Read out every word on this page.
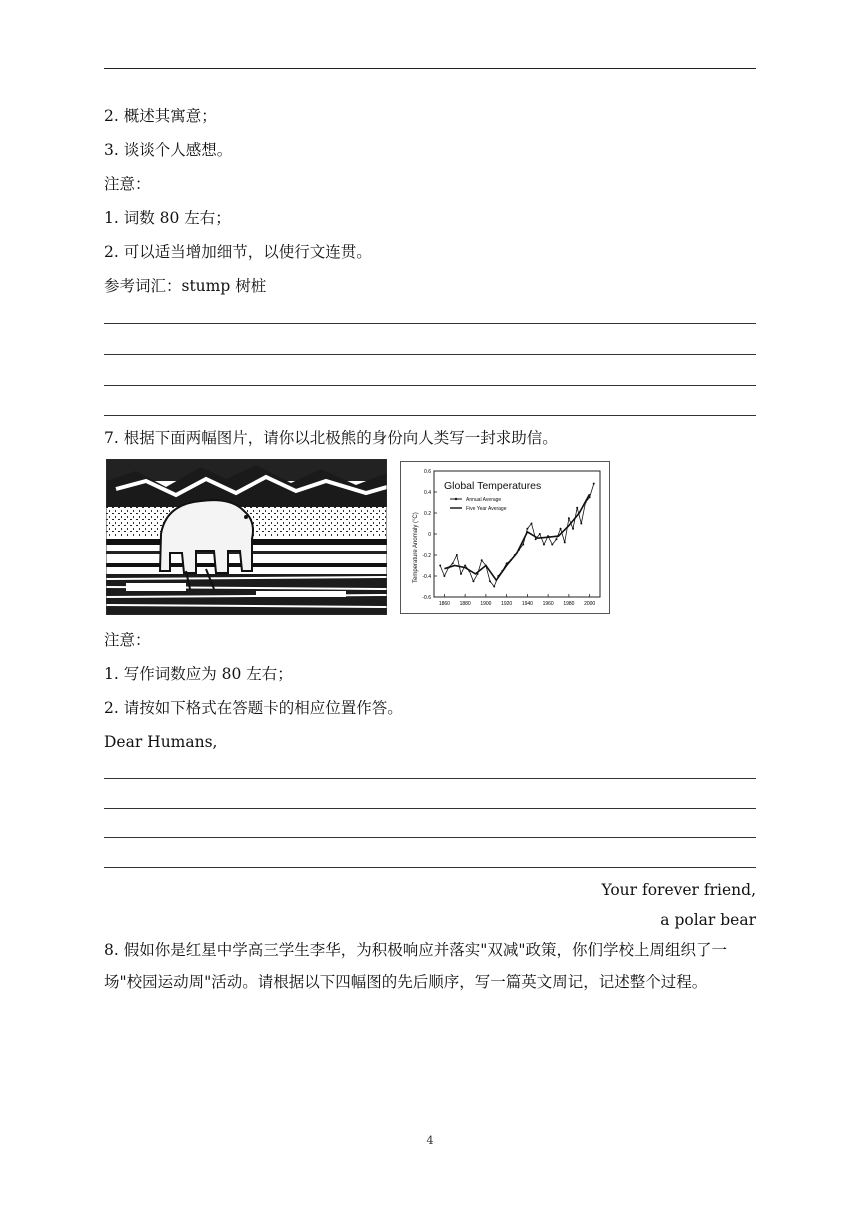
2. 概述其寓意；
3. 谈谈个人感想。
注意：
1. 词数 80 左右；
2. 可以适当增加细节，以使行文连贯。
参考词汇：stump 树桩
7. 根据下面两幅图片，请你以北极熊的身份向人类写一封求助信。
Global Temperatures
Temperature Anomaly (°C)
Annual Average
Five Year Average
0.6
0.4
0.2
0
-0.2
-0.4
-0.6
1860 1880 1900 1920 1940 1960 1980 2000
注意：
1. 写作词数应为 80 左右；
2. 请按如下格式在答题卡的相应位置作答。
Dear Humans,
Your forever friend,
a polar bear
8. 假如你是红星中学高三学生李华，为积极响应并落实"双减"政策，你们学校上周组织了一场"校园运动周"活动。请根据以下四幅图的先后顺序，写一篇英文周记，记述整个过程。
4
